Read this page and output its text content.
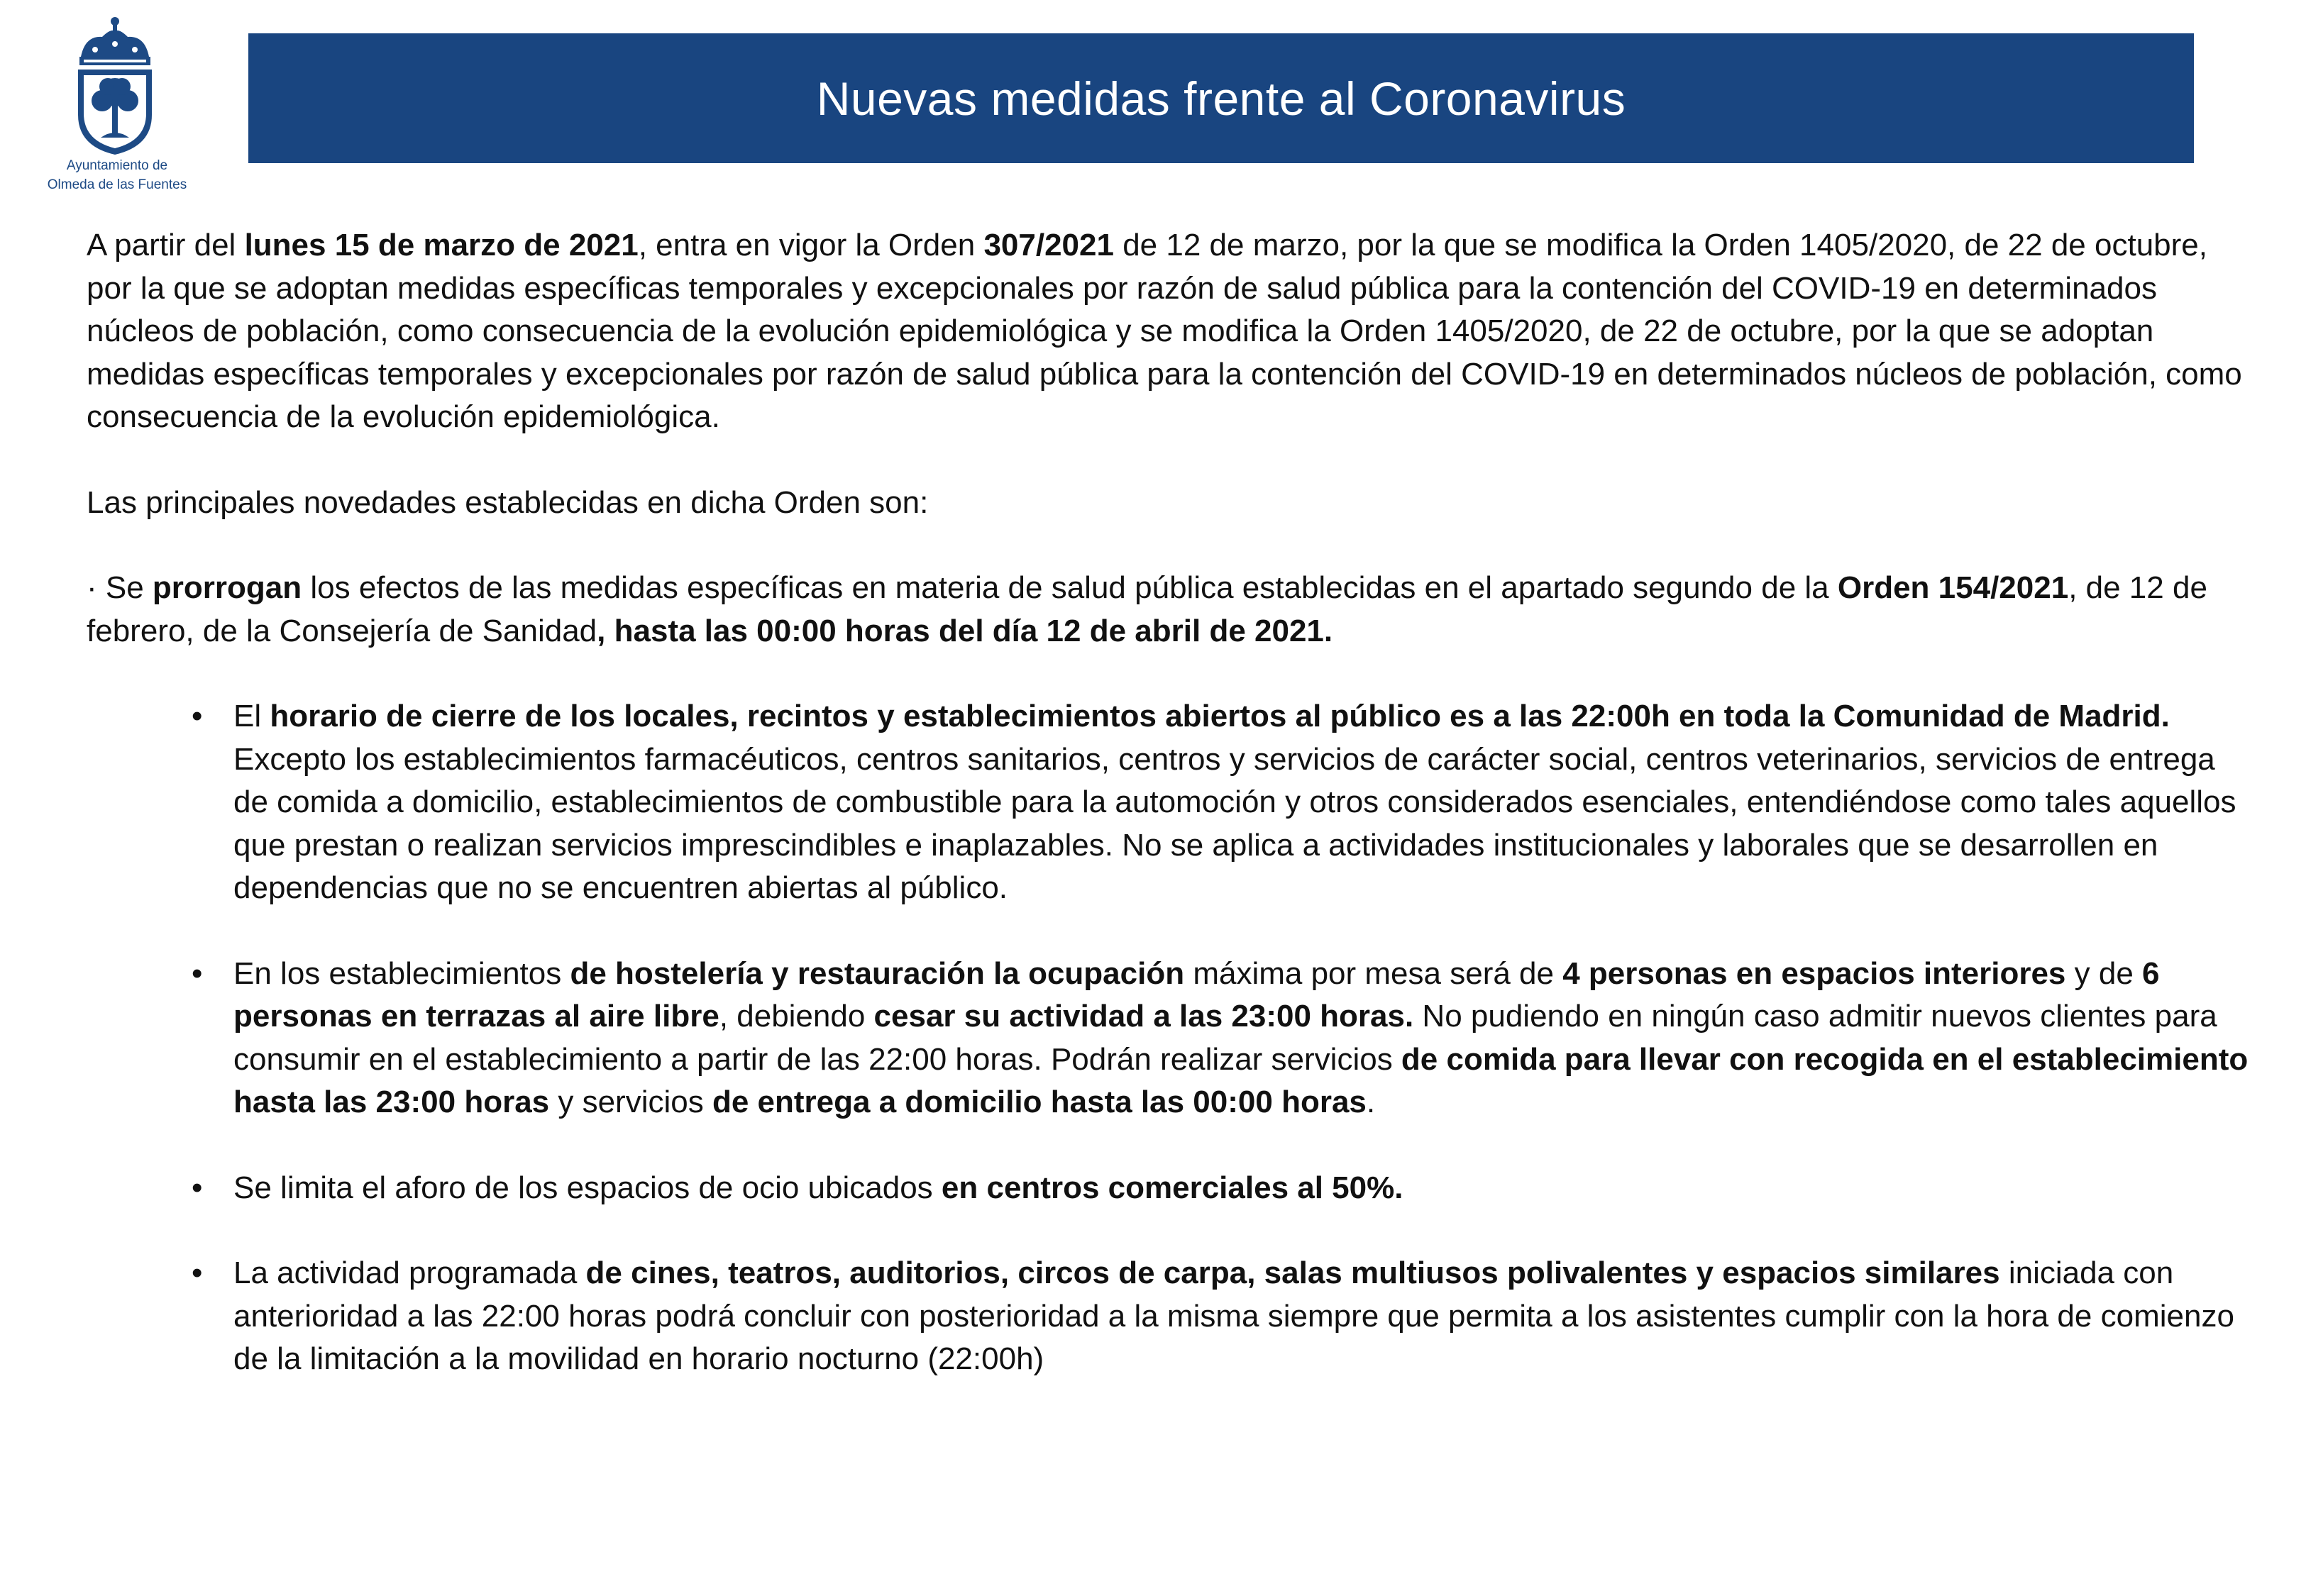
Ayuntamiento de
Olmeda de las Fuentes
Nuevas medidas frente al Coronavirus

A partir del lunes 15 de marzo de 2021, entra en vigor la Orden 307/2021 de 12 de marzo, por la que se modifica la Orden 1405/2020, de 22 de octubre, por la que se adoptan medidas específicas temporales y excepcionales por razón de salud pública para la contención del COVID-19 en determinados núcleos de población, como consecuencia de la evolución epidemiológica y se modifica la Orden 1405/2020, de 22 de octubre, por la que se adoptan medidas específicas temporales y excepcionales por razón de salud pública para la contención del COVID-19 en determinados núcleos de población, como consecuencia de la evolución epidemiológica.

Las principales novedades establecidas en dicha Orden son:

· Se prorrogan los efectos de las medidas específicas en materia de salud pública establecidas en el apartado segundo de la Orden 154/2021, de 12 de febrero, de la Consejería de Sanidad, hasta las 00:00 horas del día 12 de abril de 2021.

• El horario de cierre de los locales, recintos y establecimientos abiertos al público es a las 22:00h en toda la Comunidad de Madrid. Excepto los establecimientos farmacéuticos, centros sanitarios, centros y servicios de carácter social, centros veterinarios, servicios de entrega de comida a domicilio, establecimientos de combustible para la automoción y otros considerados esenciales, entendiéndose como tales aquellos que prestan o realizan servicios imprescindibles e inaplazables. No se aplica a actividades institucionales y laborales que se desarrollen en dependencias que no se encuentren abiertas al público.
• En los establecimientos de hostelería y restauración la ocupación máxima por mesa será de 4 personas en espacios interiores y de 6 personas en terrazas al aire libre, debiendo cesar su actividad a las 23:00 horas. No pudiendo en ningún caso admitir nuevos clientes para consumir en el establecimiento a partir de las 22:00 horas. Podrán realizar servicios de comida para llevar con recogida en el establecimiento hasta las 23:00 horas y servicios de entrega a domicilio hasta las 00:00 horas.
• Se limita el aforo de los espacios de ocio ubicados en centros comerciales al 50%.
• La actividad programada de cines, teatros, auditorios, circos de carpa, salas multiusos polivalentes y espacios similares iniciada con anterioridad a las 22:00 horas podrá concluir con posterioridad a la misma siempre que permita a los asistentes cumplir con la hora de comienzo de la limitación a la movilidad en horario nocturno (22:00h)
